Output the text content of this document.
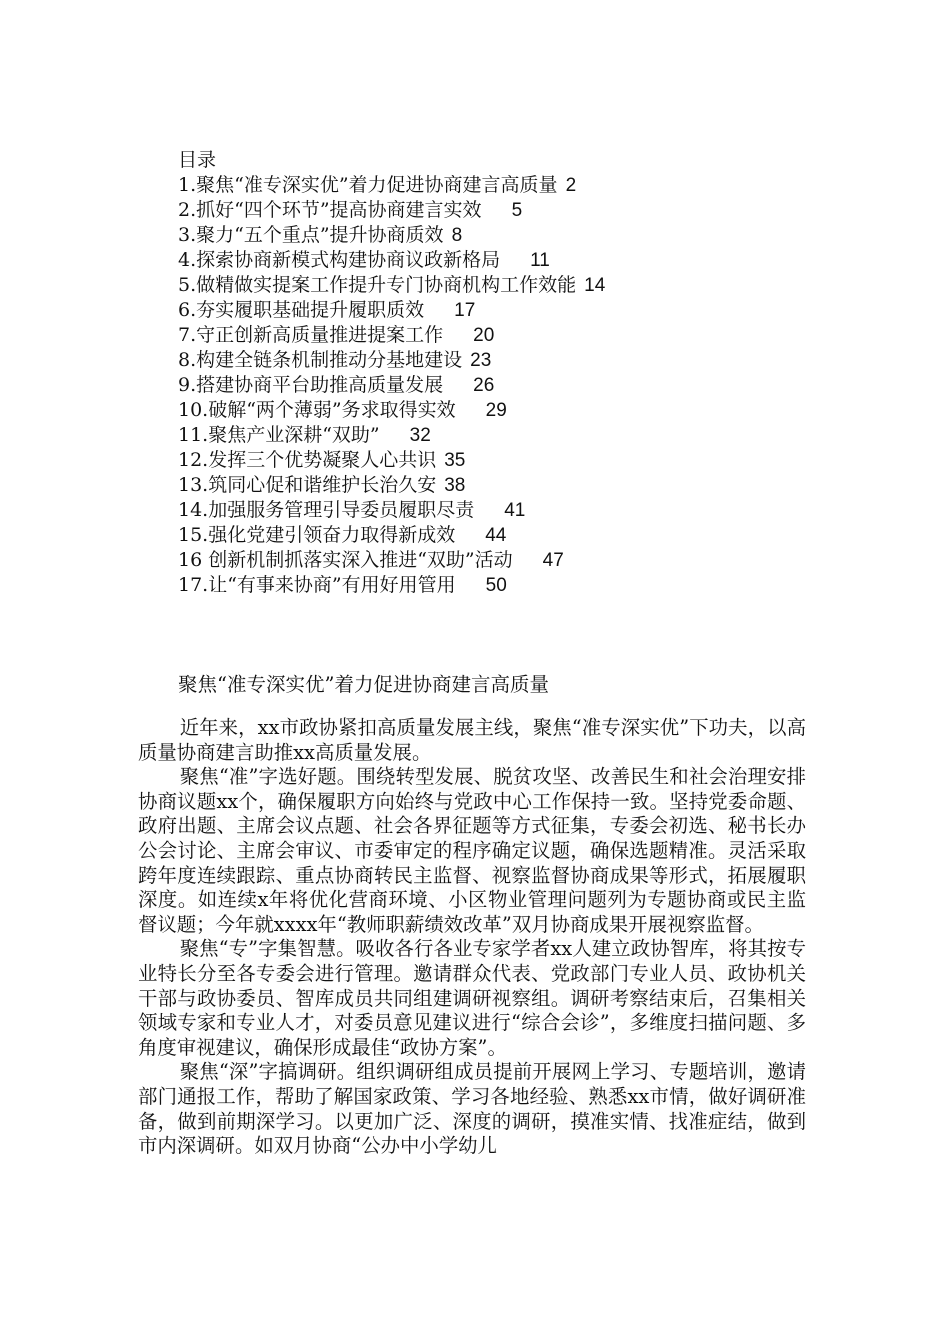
目录
1.聚焦“准专深实优”着力促进协商建言高质量 2
2.抓好“四个环节”提高协商建言实效 5
3.聚力“五个重点”提升协商质效 8
4.探索协商新模式构建协商议政新格局 11
5.做精做实提案工作提升专门协商机构工作效能 14
6.夯实履职基础提升履职质效 17
7.守正创新高质量推进提案工作 20
8.构建全链条机制推动分基地建设 23
9.搭建协商平台助推高质量发展 26
10.破解“两个薄弱”务求取得实效 29
11.聚焦产业深耕“双助” 32
12.发挥三个优势凝聚人心共识 35
13.筑同心促和谐维护长治久安 38
14.加强服务管理引导委员履职尽责 41
15.强化党建引领奋力取得新成效 44
16 创新机制抓落实深入推进“双助”活动 47
17.让“有事来协商”有用好用管用 50
聚焦“准专深实优”着力促进协商建言高质量

近年来，xx市政协紧扣高质量发展主线，聚焦“准专深实优”下功夫，以高质量协商建言助推xx高质量发展。

聚焦“准”字选好题。围绕转型发展、脱贫攻坚、改善民生和社会治理安排协商议题xx个，确保履职方向始终与党政中心工作保持一致。坚持党委命题、政府出题、主席会议点题、社会各界征题等方式征集，专委会初选、秘书长办公会讨论、主席会审议、市委审定的程序确定议题，确保选题精准。灵活采取跨年度连续跟踪、重点协商转民主监督、视察监督协商成果等形式，拓展履职深度。如连续x年将优化营商环境、小区物业管理问题列为专题协商或民主监督议题；今年就xxxx年“教师职薪绩效改革”双月协商成果开展视察监督。

聚焦“专”字集智慧。吸收各行各业专家学者xx人建立政协智库，将其按专业特长分至各专委会进行管理。邀请群众代表、党政部门专业人员、政协机关干部与政协委员、智库成员共同组建调研视察组。调研考察结束后，召集相关领域专家和专业人才，对委员意见建议进行“综合会诊”，多维度扫描问题、多角度审视建议，确保形成最佳“政协方案”。

聚焦“深”字搞调研。组织调研组成员提前开展网上学习、专题培训，邀请部门通报工作，帮助了解国家政策、学习各地经验、熟悉xx市情，做好调研准备，做到前期深学习。以更加广泛、深度的调研，摸准实情、找准症结，做到市内深调研。如双月协商“公办中小学幼儿
